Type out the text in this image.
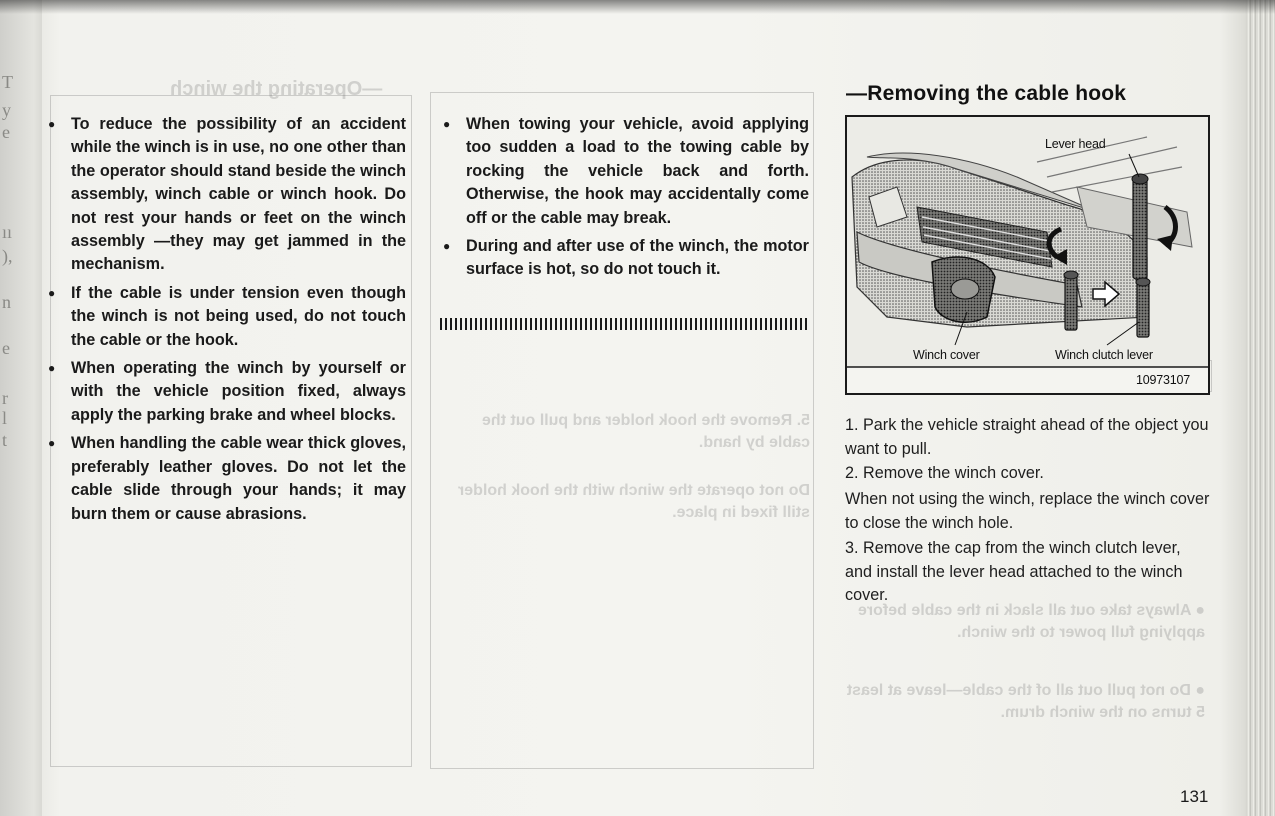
T
y
e
ıı
),
n
e
r
l
t
—Operating the winch
5. Remove the hook holder and pull out the cable by hand.
Do not operate the winch with the hook holder still fixed in place.
● Always take out all slack in the cable before applying full power to the winch.
● Do not pull out all of the cable—leave at least 5 turns on the winch drum.
● To reduce the possibility of an accident while the winch is in use, no one other than the operator should stand beside the winch assembly, winch cable or winch hook. Do not rest your hands or feet on the winch assembly —they may get jammed in the mechanism.
● If the cable is under tension even though the winch is not being used, do not touch the cable or the hook.
● When operating the winch by yourself or with the vehicle position fixed, always apply the parking brake and wheel blocks.
● When handling the cable wear thick gloves, preferably leather gloves. Do not let the cable slide through your hands; it may burn them or cause abrasions.
● When towing your vehicle, avoid applying too sudden a load to the towing cable by rocking the vehicle back and forth. Otherwise, the hook may accidentally come off or the cable may break.
● During and after use of the winch, the motor surface is hot, so do not touch it.
—Removing the cable hook
Lever head
Winch cover	Winch clutch lever
10973107
1. Park the vehicle straight ahead of the object you want to pull.
2. Remove the winch cover.
When not using the winch, replace the winch cover to close the winch hole.
3. Remove the cap from the winch clutch lever, and install the lever head attached to the winch cover.
131
